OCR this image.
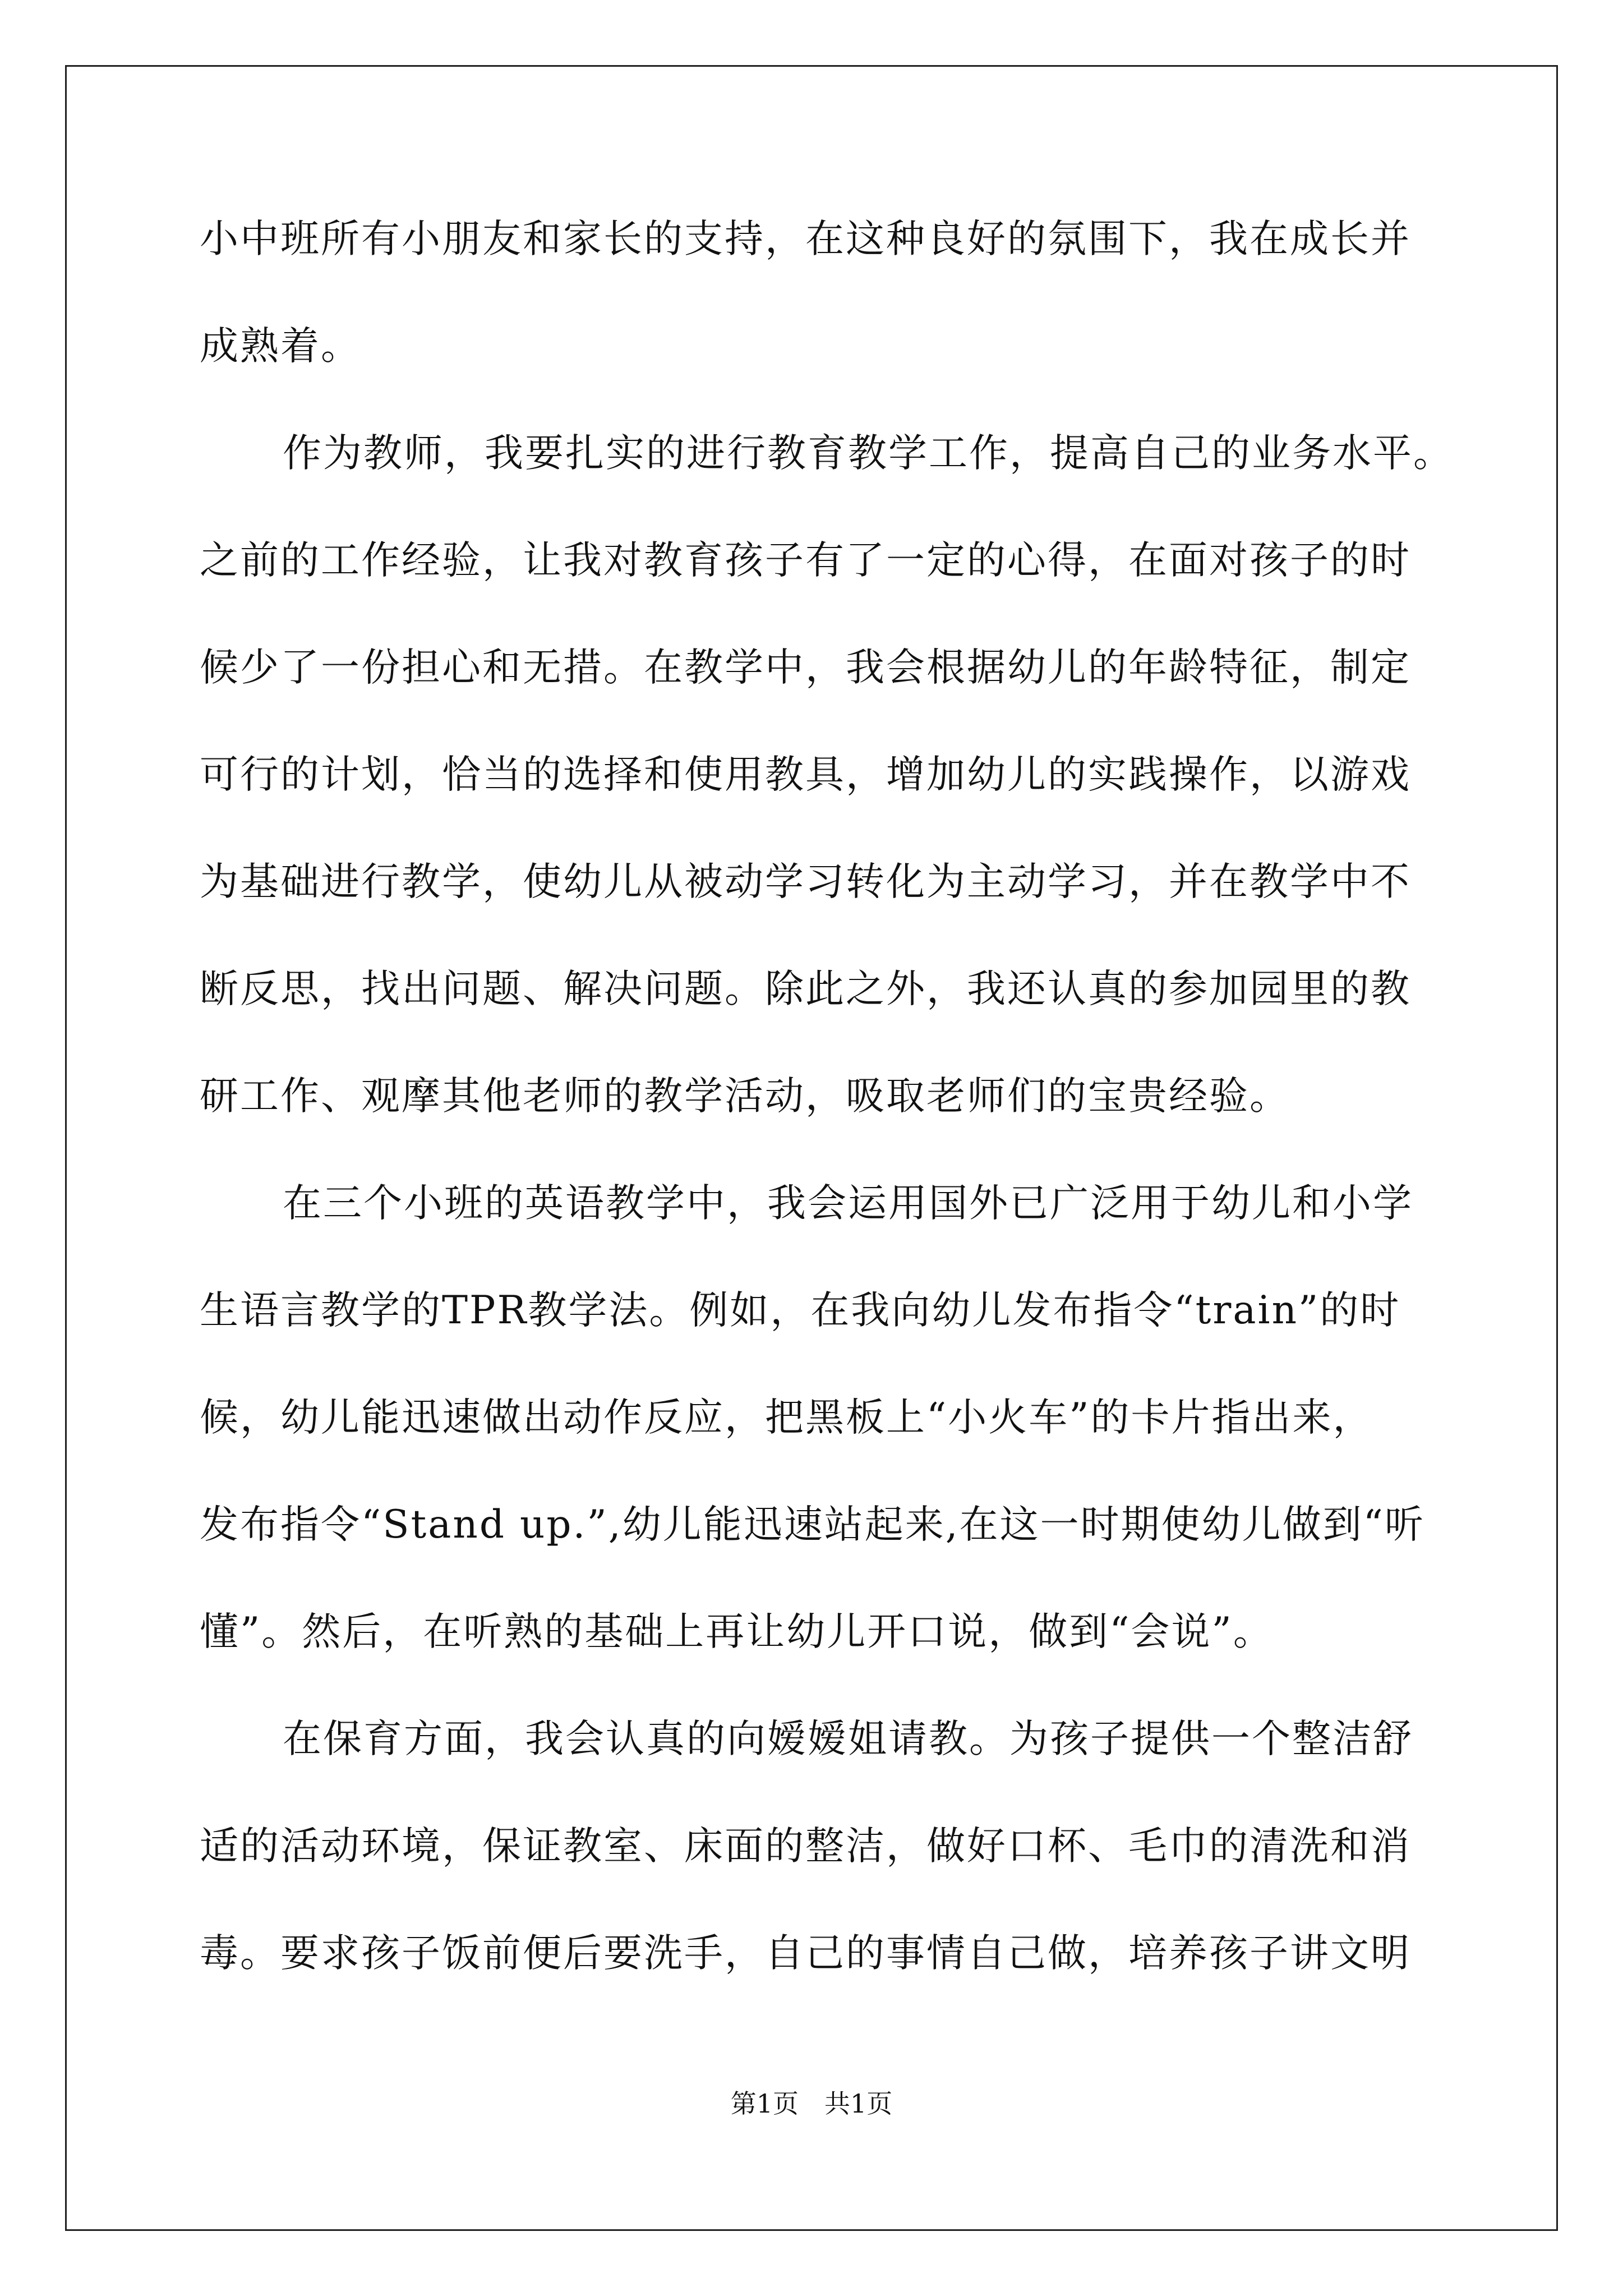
小中班所有小朋友和家长的支持，在这种良好的氛围下，我在成长并
成熟着。
作为教师，我要扎实的进行教育教学工作，提高自己的业务水平。
之前的工作经验，让我对教育孩子有了一定的心得，在面对孩子的时
候少了一份担心和无措。在教学中，我会根据幼儿的年龄特征，制定
可行的计划，恰当的选择和使用教具，增加幼儿的实践操作，以游戏
为基础进行教学，使幼儿从被动学习转化为主动学习，并在教学中不
断反思，找出问题、解决问题。除此之外，我还认真的参加园里的教
研工作、观摩其他老师的教学活动，吸取老师们的宝贵经验。
在三个小班的英语教学中，我会运用国外已广泛用于幼儿和小学
生语言教学的TPR教学法。例如，在我向幼儿发布指令“train”的时
候，幼儿能迅速做出动作反应，把黑板上“小火车”的卡片指出来，
发布指令“Stand up.”,幼儿能迅速站起来,在这一时期使幼儿做到“听
懂”。然后，在听熟的基础上再让幼儿开口说，做到“会说”。
在保育方面，我会认真的向嫒嫒姐请教。为孩子提供一个整洁舒
适的活动环境，保证教室、床面的整洁，做好口杯、毛巾的清洗和消
毒。要求孩子饭前便后要洗手，自己的事情自己做，培养孩子讲文明
第1页　共1页
